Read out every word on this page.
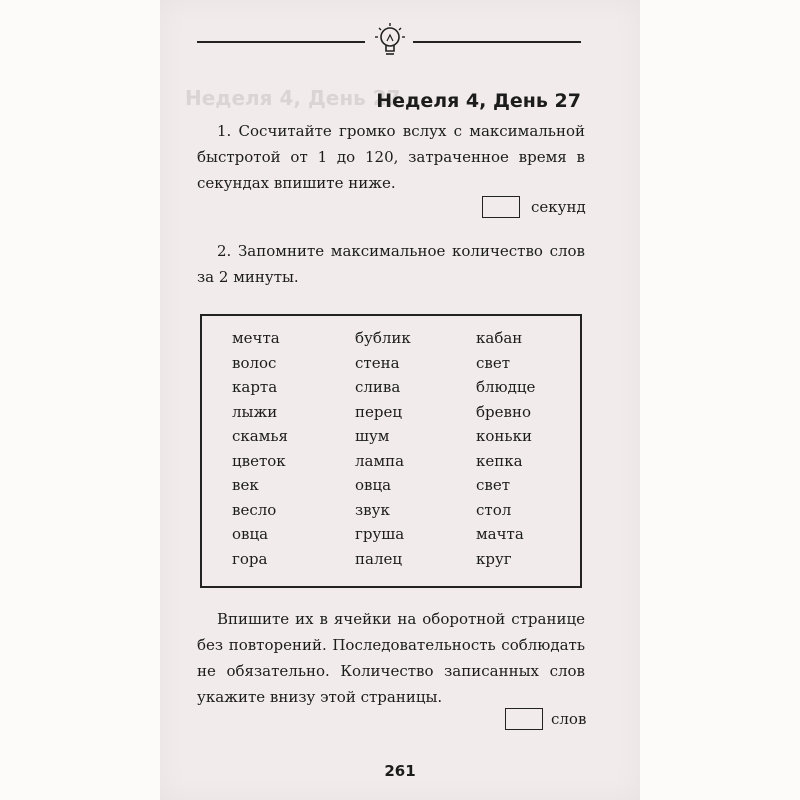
Неделя 4, День 27
Неделя 4, День 27
1. Сосчитайте громко вслух с максимальной быстротой от 1 до 120, затраченное время в секундах впишите ниже.
секунд
2. Запомните максимальное количество слов за 2 минуты.
мечта
волос
карта
лыжи
скамья
цветок
век
весло
овца
гора
бублик
стена
слива
перец
шум
лампа
овца
звук
груша
палец
кабан
свет
блюдце
бревно
коньки
кепка
свет
стол
мачта
круг
Впишите их в ячейки на оборотной странице без повторений. Последовательность соблюдать не обязательно. Количество записанных слов укажите внизу этой страницы.
слов
261
